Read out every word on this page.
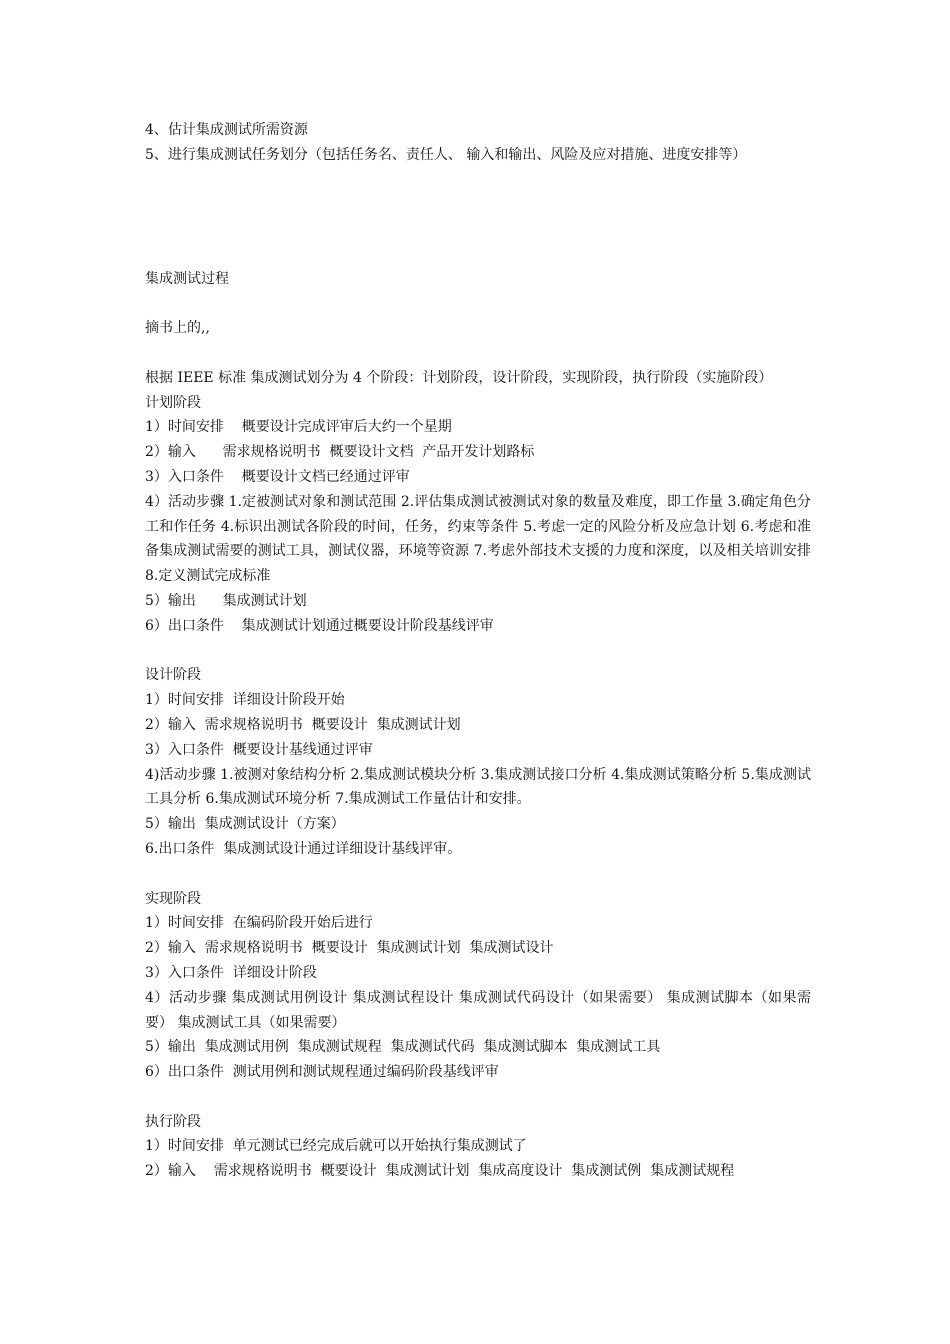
4、估计集成测试所需资源
5、进行集成测试任务划分（包括任务名、责任人、 输入和输出、风险及应对措施、进度安排等）
集成测试过程
摘书上的,,
根据 IEEE 标准 集成测试划分为 4 个阶段：计划阶段，设计阶段，实现阶段，执行阶段（实施阶段）
计划阶段
1）时间安排    概要设计完成评审后大约一个星期
2）输入      需求规格说明书  概要设计文档  产品开发计划路标
3）入口条件    概要设计文档已经通过评审
4）活动步骤 1.定被测试对象和测试范围 2.评估集成测试被测试对象的数量及难度，即工作量 3.确定角色分工和作任务 4.标识出测试各阶段的时间，任务，约束等条件 5.考虑一定的风险分析及应急计划 6.考虑和准备集成测试需要的测试工具，测试仪器，环境等资源 7.考虑外部技术支援的力度和深度，以及相关培训安排 8.定义测试完成标准
5）输出      集成测试计划
6）出口条件    集成测试计划通过概要设计阶段基线评审
设计阶段
1）时间安排  详细设计阶段开始
2）输入  需求规格说明书  概要设计  集成测试计划
3）入口条件  概要设计基线通过评审
4)活动步骤 1.被测对象结构分析 2.集成测试模块分析 3.集成测试接口分析 4.集成测试策略分析 5.集成测试工具分析 6.集成测试环境分析 7.集成测试工作量估计和安排。
5）输出  集成测试设计（方案）
6.出口条件  集成测试设计通过详细设计基线评审。
实现阶段
1）时间安排  在编码阶段开始后进行
2）输入  需求规格说明书  概要设计  集成测试计划  集成测试设计
3）入口条件  详细设计阶段
4）活动步骤 集成测试用例设计 集成测试程设计 集成测试代码设计（如果需要） 集成测试脚本（如果需要） 集成测试工具（如果需要）
5）输出  集成测试用例  集成测试规程  集成测试代码  集成测试脚本  集成测试工具
6）出口条件  测试用例和测试规程通过编码阶段基线评审
执行阶段
1）时间安排  单元测试已经完成后就可以开始执行集成测试了
2）输入    需求规格说明书  概要设计  集成测试计划  集成高度设计  集成测试例  集成测试规程
